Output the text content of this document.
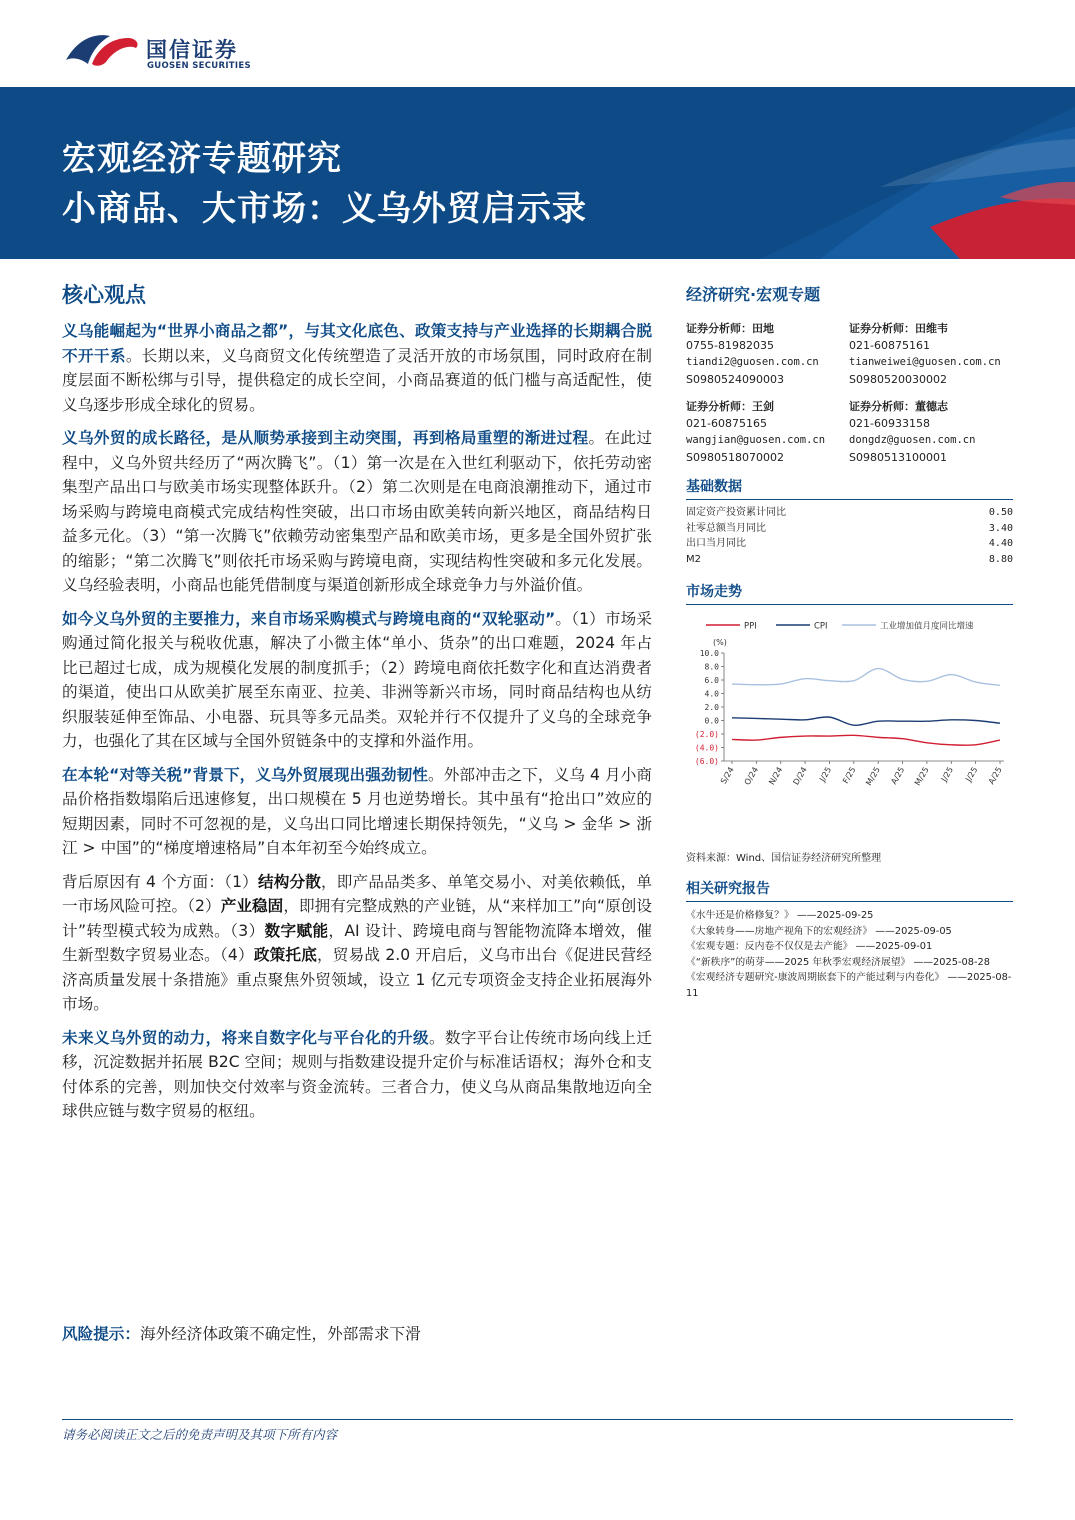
国信证券
GUOSEN SECURITIES
宏观经济专题研究
小商品、大市场：义乌外贸启示录
核心观点

义乌能崛起为“世界小商品之都”，与其文化底色、政策支持与产业选择的长期耦合脱不开干系。长期以来，义乌商贸文化传统塑造了灵活开放的市场氛围，同时政府在制度层面不断松绑与引导，提供稳定的成长空间，小商品赛道的低门槛与高适配性，使义乌逐步形成全球化的贸易。

义乌外贸的成长路径，是从顺势承接到主动突围，再到格局重塑的渐进过程。在此过程中，义乌外贸共经历了“两次腾飞”。（1）第一次是在入世红利驱动下，依托劳动密集型产品出口与欧美市场实现整体跃升。（2）第二次则是在电商浪潮推动下，通过市场采购与跨境电商模式完成结构性突破，出口市场由欧美转向新兴地区，商品结构日益多元化。（3）“第一次腾飞”依赖劳动密集型产品和欧美市场，更多是全国外贸扩张的缩影；“第二次腾飞”则依托市场采购与跨境电商，实现结构性突破和多元化发展。义乌经验表明，小商品也能凭借制度与渠道创新形成全球竞争力与外溢价值。

如今义乌外贸的主要推力，来自市场采购模式与跨境电商的“双轮驱动”。（1）市场采购通过简化报关与税收优惠，解决了小微主体“单小、货杂”的出口难题，2024 年占比已超过七成，成为规模化发展的制度抓手；（2）跨境电商依托数字化和直达消费者的渠道，使出口从欧美扩展至东南亚、拉美、非洲等新兴市场，同时商品结构也从纺织服装延伸至饰品、小电器、玩具等多元品类。双轮并行不仅提升了义乌的全球竞争力，也强化了其在区域与全国外贸链条中的支撑和外溢作用。

在本轮“对等关税”背景下，义乌外贸展现出强劲韧性。外部冲击之下，义乌 4 月小商品价格指数塌陷后迅速修复，出口规模在 5 月也逆势增长。其中虽有“抢出口”效应的短期因素，同时不可忽视的是，义乌出口同比增速长期保持领先，“义乌 > 金华 > 浙江 > 中国”的“梯度增速格局”自本年初至今始终成立。

背后原因有 4 个方面：（1）结构分散，即产品品类多、单笔交易小、对美依赖低，单一市场风险可控。（2）产业稳固，即拥有完整成熟的产业链，从“来样加工”向“原创设计”转型模式较为成熟。（3）数字赋能，AI 设计、跨境电商与智能物流降本增效，催生新型数字贸易业态。（4）政策托底，贸易战 2.0 开启后，义乌市出台《促进民营经济高质量发展十条措施》重点聚焦外贸领域，设立 1 亿元专项资金支持企业拓展海外市场。

未来义乌外贸的动力，将来自数字化与平台化的升级。数字平台让传统市场向线上迁移，沉淀数据并拓展 B2C 空间；规则与指数建设提升定价与标准话语权；海外仓和支付体系的完善，则加快交付效率与资金流转。三者合力，使义乌从商品集散地迈向全球供应链与数字贸易的枢纽。

风险提示：海外经济体政策不确定性，外部需求下滑
经济研究·宏观专题
证券分析师：田地
0755-81982035
tiandi2@guosen.com.cn
S0980524090003
证券分析师：田维韦
021-60875161
tianweiwei@guosen.com.cn
S0980520030002
证券分析师：王剑
021-60875165
wangjian@guosen.com.cn
S0980518070002
证券分析师：董德志
021-60933158
dongdz@guosen.com.cn
S0980513100001
基础数据
固定资产投资累计同比	0.50
社零总额当月同比	3.40
出口当月同比	4.40
M2	8.80
市场走势
PPI	CPI	工业增加值月度同比增速
(%)
10.0
8.0
6.0
4.0
2.0
0.0
(2.0)
(4.0)
(6.0)
S/24 O/24 N/24 D/24 J/25 F/25 M/25 A/25 M/25 J/25 J/25 A/25
资料来源：Wind、国信证券经济研究所整理
相关研究报告
《水牛还是价格修复？》 ——2025-09-25
《大象转身——房地产视角下的宏观经济》 ——2025-09-05
《宏观专题：反内卷不仅仅是去产能》 ——2025-09-01
《“新秩序”的萌芽——2025 年秋季宏观经济展望》 ——2025-08-28
《宏观经济专题研究-康波周期嵌套下的产能过剩与内卷化》 ——2025-08-11
请务必阅读正文之后的免责声明及其项下所有内容
